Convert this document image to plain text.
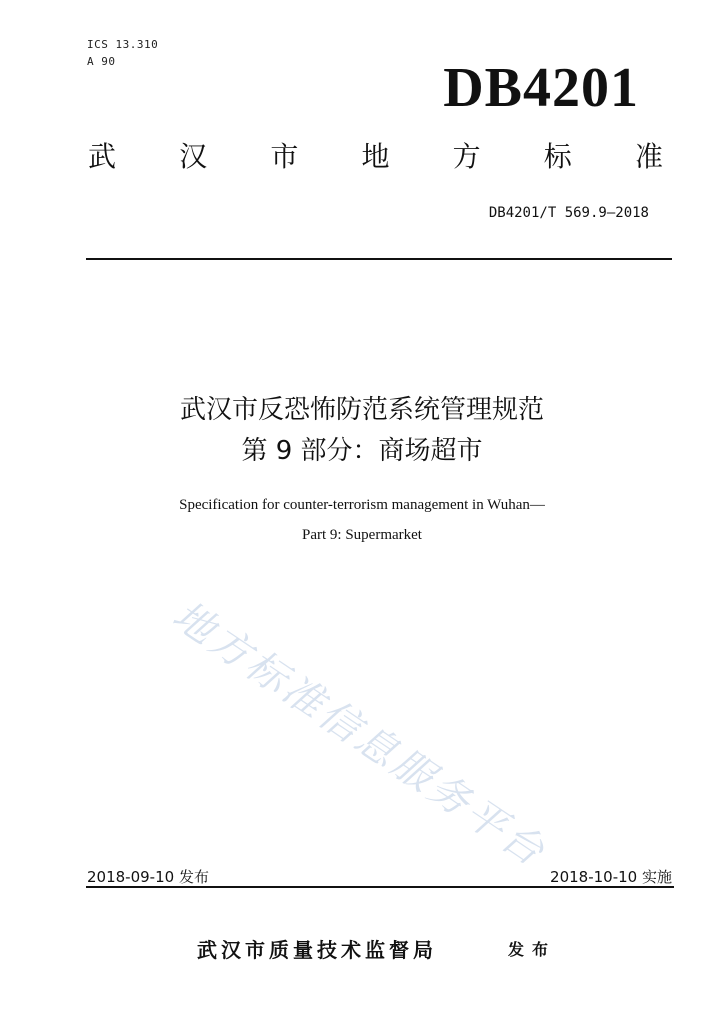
ICS 13.310
A 90	DB4201
武 汉 市 地 方 标 准
DB4201/T 569.9—2018
武汉市反恐怖防范系统管理规范
第 9 部分：商场超市
Specification for counter-terrorism management in Wuhan—
Part 9: Supermarket
地方标准信息服务平台
2018-09-10 发布	2018-10-10 实施
武汉市质量技术监督局	发布
